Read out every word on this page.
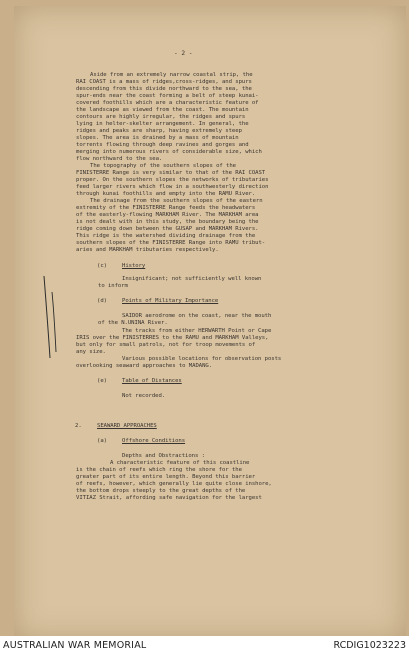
- 2 -
Aside from an extremely narrow coastal strip, the
RAI COAST is a mass of ridges,cross-ridges, and spurs
descending from this divide northward to the sea, the
spur-ends near the coast forming a belt of steep kunai-
covered foothills which are a characteristic feature of
the landscape as viewed from the coast. The mountain
contours are highly irregular, the ridges and spurs
lying in helter-skelter arrangement. In general, the
ridges and peaks are sharp, having extremely steep
slopes. The area is drained by a mass of mountain
torrents flowing through deep ravines and gorges and
merging into numerous rivers of considerable size, which
flow northward to the sea.
The topography of the southern slopes of the
FINISTERRE Range is very similar to that of the RAI COAST
proper. On the southern slopes the networks of tributaries
feed larger rivers which flow in a southwesterly direction
through kunai foothills and empty into the RAMU River.
The drainage from the southern slopes of the eastern
extremity of the FINISTERRE Range feeds the headwaters
of the easterly-flowing MARKHAM River. The MARKHAM area
is not dealt with in this study, the boundary being the
ridge coming down between the GUSAP and MARKHAM Rivers.
This ridge is the watershed dividing drainage from the
southern slopes of the FINISTERRE Range into RAMU tribut-
aries and MARKHAM tributaries respectively.
(c)	History
Insignificant; not sufficiently well known
to inform
(d)	Points of Military Importance
SAIDOR aerodrome on the coast, near the mouth
of the N.UNINA River.
The tracks from either HERWARTH Point or Cape
IRIS over the FINISTERRES to the RAMU and MARKHAM Valleys,
but only for small patrols, not for troop movements of
any size.
Various possible locations for observation posts
overlooking seaward approaches to MADANG.
(e)	Table of Distances
Not recorded.
2.	SEAWARD APPROACHES
(a)	Offshore Conditions
Depths and Obstractions :
A characteristic feature of this coastline
is the chain of reefs which ring the shore for the
greater part of its entire length. Beyond this barrier
of reefs, however, which generally lie quite close inshore,
the bottom drops steeply to the great depths of the
VITIAZ Strait, affording safe navigation for the largest
AUSTRALIAN WAR MEMORIAL	RCDIG1023223
